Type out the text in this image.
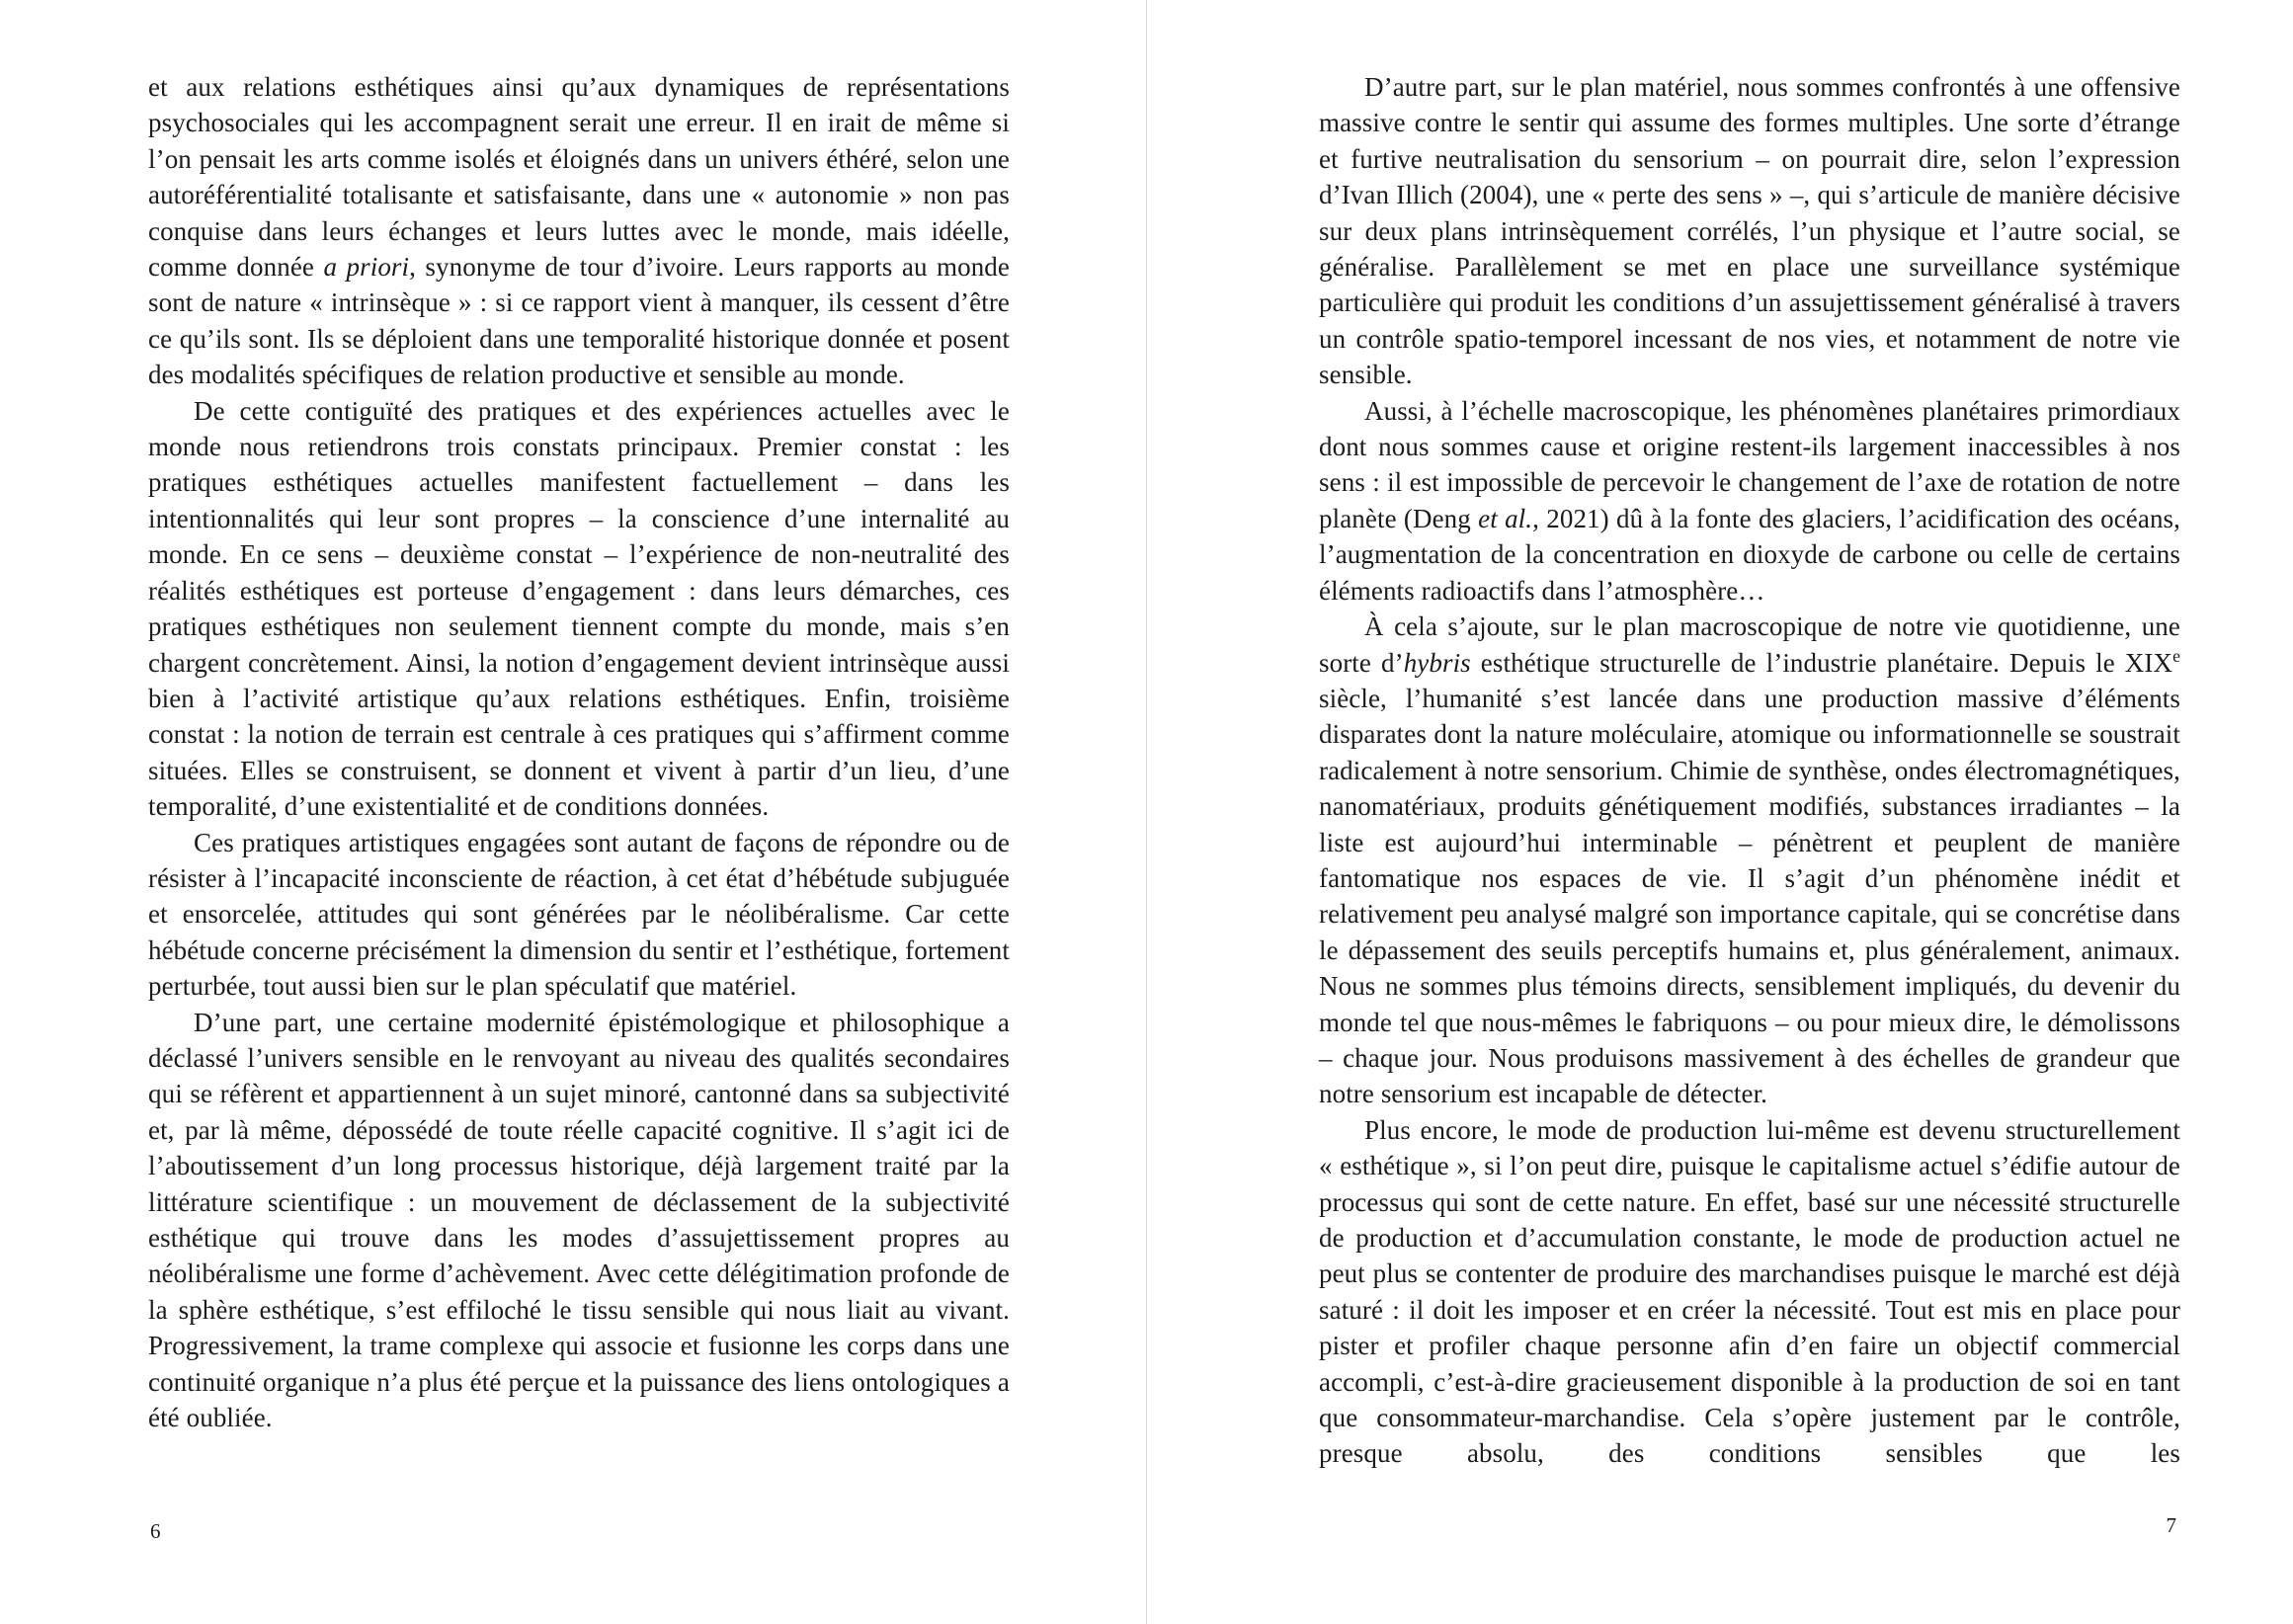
et aux relations esthétiques ainsi qu’aux dynamiques de représentations psychosociales qui les accompagnent serait une erreur. Il en irait de même si l’on pensait les arts comme isolés et éloignés dans un univers éthéré, selon une autoréférentialité totalisante et satisfaisante, dans une « autonomie » non pas conquise dans leurs échanges et leurs luttes avec le monde, mais idéelle, comme donnée a priori, synonyme de tour d’ivoire. Leurs rapports au monde sont de nature « intrinsèque » : si ce rapport vient à manquer, ils cessent d’être ce qu’ils sont. Ils se déploient dans une temporalité historique donnée et posent des modalités spécifiques de relation productive et sensible au monde.

De cette contiguïté des pratiques et des expériences actuelles avec le monde nous retiendrons trois constats principaux. Premier constat : les pratiques esthétiques actuelles manifestent factuellement – dans les intentionnalités qui leur sont propres – la conscience d’une internalité au monde. En ce sens – deuxième constat – l’expérience de non-neutralité des réalités esthétiques est porteuse d’engagement : dans leurs démarches, ces pratiques esthétiques non seulement tiennent compte du monde, mais s’en chargent concrètement. Ainsi, la notion d’engagement devient intrinsèque aussi bien à l’activité artistique qu’aux relations esthétiques. Enfin, troisième constat : la notion de terrain est centrale à ces pratiques qui s’affirment comme situées. Elles se construisent, se donnent et vivent à partir d’un lieu, d’une temporalité, d’une existentialité et de conditions données.

Ces pratiques artistiques engagées sont autant de façons de répondre ou de résister à l’incapacité inconsciente de réaction, à cet état d’hébétude subjuguée et ensorcelée, attitudes qui sont générées par le néolibéralisme. Car cette hébétude concerne précisément la dimension du sentir et l’esthétique, fortement perturbée, tout aussi bien sur le plan spéculatif que matériel.

D’une part, une certaine modernité épistémologique et philosophique a déclassé l’univers sensible en le renvoyant au niveau des qualités secondaires qui se réfèrent et appartiennent à un sujet minoré, cantonné dans sa subjectivité et, par là même, dépossédé de toute réelle capacité cognitive. Il s’agit ici de l’aboutissement d’un long processus historique, déjà largement traité par la littérature scientifique : un mouvement de déclassement de la subjectivité esthétique qui trouve dans les modes d’assujettissement propres au néolibéralisme une forme d’achèvement. Avec cette délégitimation profonde de la sphère esthétique, s’est effiloché le tissu sensible qui nous liait au vivant. Progressivement, la trame complexe qui associe et fusionne les corps dans une continuité organique n’a plus été perçue et la puissance des liens ontologiques a été oubliée.

6

D’autre part, sur le plan matériel, nous sommes confrontés à une offensive massive contre le sentir qui assume des formes multiples. Une sorte d’étrange et furtive neutralisation du sensorium – on pourrait dire, selon l’expression d’Ivan Illich (2004), une « perte des sens » –, qui s’articule de manière décisive sur deux plans intrinsèquement corrélés, l’un physique et l’autre social, se généralise. Parallèlement se met en place une surveillance systémique particulière qui produit les conditions d’un assujettissement généralisé à travers un contrôle spatio-temporel incessant de nos vies, et notamment de notre vie sensible.

Aussi, à l’échelle macroscopique, les phénomènes planétaires primordiaux dont nous sommes cause et origine restent-ils largement inaccessibles à nos sens : il est impossible de percevoir le changement de l’axe de rotation de notre planète (Deng et al., 2021) dû à la fonte des glaciers, l’acidification des océans, l’augmentation de la concentration en dioxyde de carbone ou celle de certains éléments radioactifs dans l’atmosphère…

À cela s’ajoute, sur le plan macroscopique de notre vie quotidienne, une sorte d’hybris esthétique structurelle de l’industrie planétaire. Depuis le XIXe siècle, l’humanité s’est lancée dans une production massive d’éléments disparates dont la nature moléculaire, atomique ou informationnelle se soustrait radicalement à notre sensorium. Chimie de synthèse, ondes électromagnétiques, nanomatériaux, produits génétiquement modifiés, substances irradiantes – la liste est aujourd’hui interminable – pénètrent et peuplent de manière fantomatique nos espaces de vie. Il s’agit d’un phénomène inédit et relativement peu analysé malgré son importance capitale, qui se concrétise dans le dépassement des seuils perceptifs humains et, plus généralement, animaux. Nous ne sommes plus témoins directs, sensiblement impliqués, du devenir du monde tel que nous-mêmes le fabriquons – ou pour mieux dire, le démolissons – chaque jour. Nous produisons massivement à des échelles de grandeur que notre sensorium est incapable de détecter.

Plus encore, le mode de production lui-même est devenu structurellement « esthétique », si l’on peut dire, puisque le capitalisme actuel s’édifie autour de processus qui sont de cette nature. En effet, basé sur une nécessité structurelle de production et d’accumulation constante, le mode de production actuel ne peut plus se contenter de produire des marchandises puisque le marché est déjà saturé : il doit les imposer et en créer la nécessité. Tout est mis en place pour pister et profiler chaque personne afin d’en faire un objectif commercial accompli, c’est-à-dire gracieusement disponible à la production de soi en tant que consommateur-marchandise. Cela s’opère justement par le contrôle, presque absolu, des conditions sensibles que les

7
